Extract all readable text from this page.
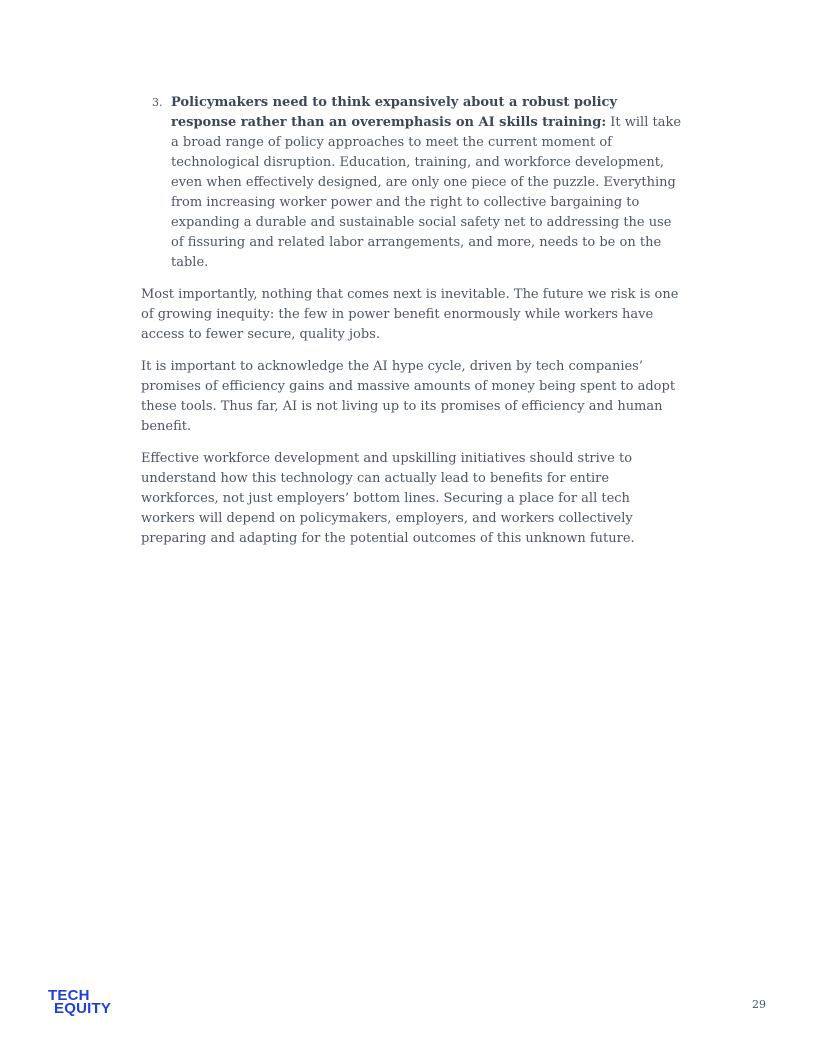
3. Policymakers need to think expansively about a robust policy response rather than an overemphasis on AI skills training: It will take a broad range of policy approaches to meet the current moment of technological disruption. Education, training, and workforce development, even when effectively designed, are only one piece of the puzzle. Everything from increasing worker power and the right to collective bargaining to expanding a durable and sustainable social safety net to addressing the use of fissuring and related labor arrangements, and more, needs to be on the table.

Most importantly, nothing that comes next is inevitable. The future we risk is one of growing inequity: the few in power benefit enormously while workers have access to fewer secure, quality jobs.

It is important to acknowledge the AI hype cycle, driven by tech companies’ promises of efficiency gains and massive amounts of money being spent to adopt these tools. Thus far, AI is not living up to its promises of efficiency and human benefit.

Effective workforce development and upskilling initiatives should strive to understand how this technology can actually lead to benefits for entire workforces, not just employers’ bottom lines. Securing a place for all tech workers will depend on policymakers, employers, and workers collectively preparing and adapting for the potential outcomes of this unknown future.

TECH
EQUITY	29
